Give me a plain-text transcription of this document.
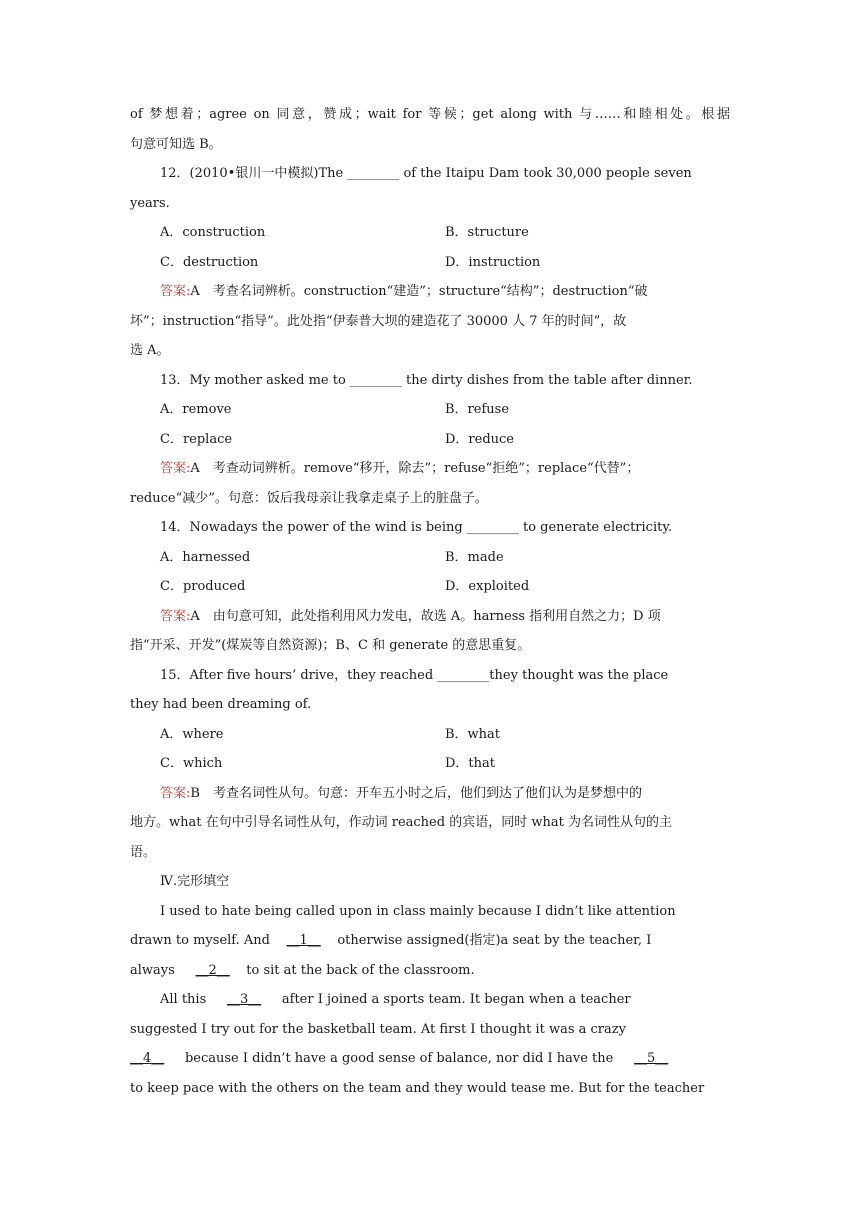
of 梦想着；agree on 同意，赞成；wait for 等候；get along with 与……和睦相处。根据
句意可知选 B。
12．(2010•银川一中模拟)The ________ of the Itaipu Dam took 30,000 people seven
years.
A．construction	B．structure
C．destruction	D．instruction
答案:A　考查名词辨析。construction“建造”；structure“结构”；destruction“破
坏”；instruction“指导”。此处指“伊泰普大坝的建造花了 30000 人 7 年的时间”，故
选 A。
13．My mother asked me to ________ the dirty dishes from the table after dinner.
A．remove	B．refuse
C．replace	D．reduce
答案:A　考查动词辨析。remove“移开，除去”；refuse“拒绝”；replace“代替”；
reduce“减少”。句意：饭后我母亲让我拿走桌子上的脏盘子。
14．Nowadays the power of the wind is being ________ to generate electricity.
A．harnessed	B．made
C．produced	D．exploited
答案:A　由句意可知，此处指利用风力发电，故选 A。harness 指利用自然之力；D 项
指“开采、开发”(煤炭等自然资源)；B、C 和 generate 的意思重复。
15．After five hours’ drive，they reached ________they thought was the place
they had been dreaming of.
A．where	B．what
C．which	D．that
答案:B　考查名词性从句。句意：开车五小时之后，他们到达了他们认为是梦想中的
地方。what 在句中引导名词性从句，作动词 reached 的宾语，同时 what 为名词性从句的主
语。
Ⅳ.完形填空
I used to hate being called upon in class mainly because I didn’t like attention
drawn to myself. And __1__ otherwise assigned(指定)a seat by the teacher, I
always __2__ to sit at the back of the classroom.
All this __3__ after I joined a sports team. It began when a teacher
suggested I try out for the basketball team. At first I thought it was a crazy
__4__ because I didn’t have a good sense of balance, nor did I have the __5__
to keep pace with the others on the team and they would tease me. But for the teacher
